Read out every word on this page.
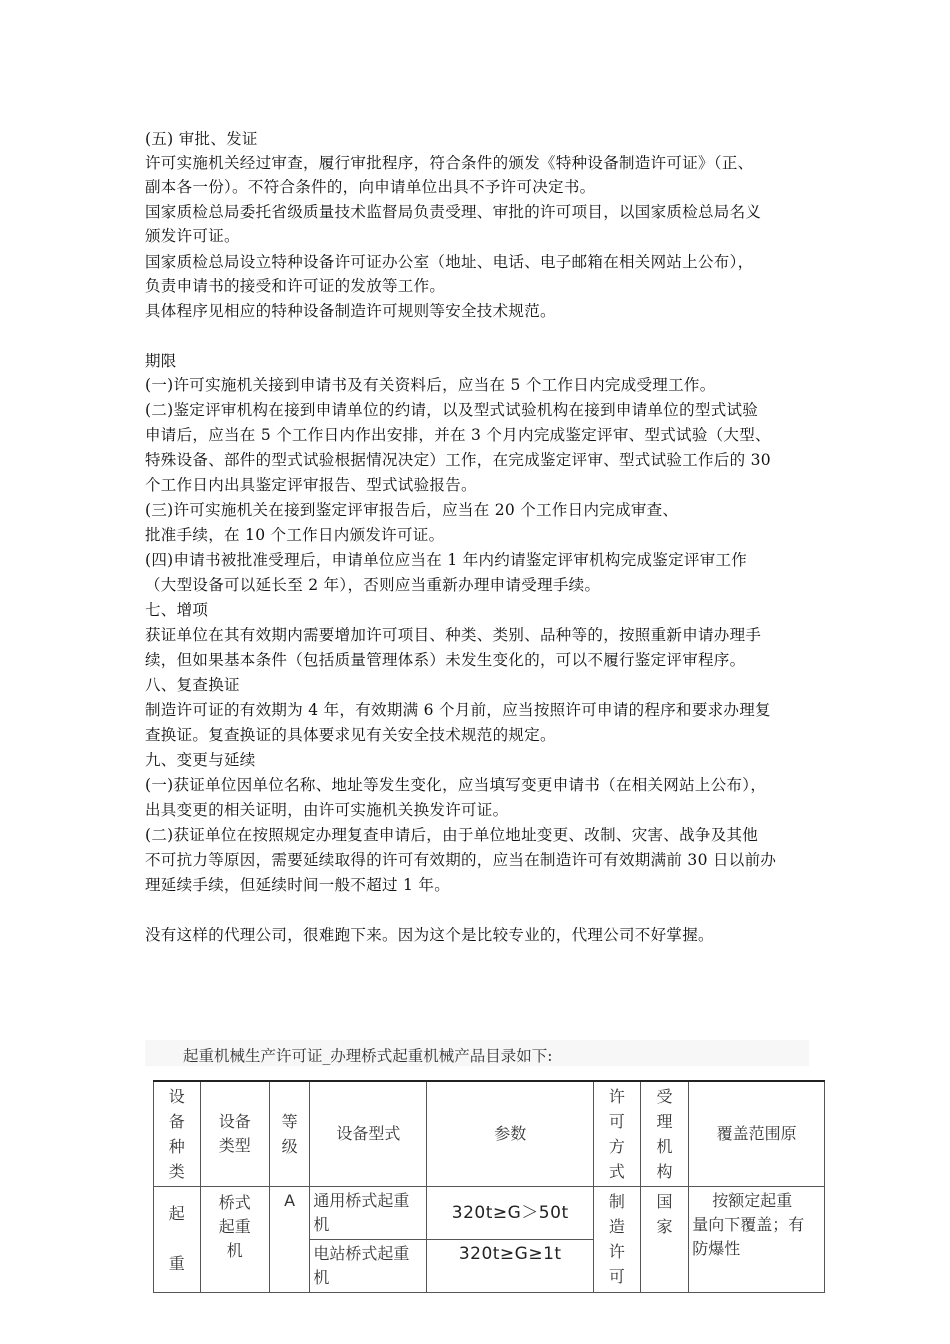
(五) 审批、发证
许可实施机关经过审查，履行审批程序，符合条件的颁发《特种设备制造许可证》（正、
副本各一份）。不符合条件的，向申请单位出具不予许可决定书。
国家质检总局委托省级质量技术监督局负责受理、审批的许可项目，以国家质检总局名义
颁发许可证。
国家质检总局设立特种设备许可证办公室（地址、电话、电子邮箱在相关网站上公布），
负责申请书的接受和许可证的发放等工作。
具体程序见相应的特种设备制造许可规则等安全技术规范。
期限
(一)许可实施机关接到申请书及有关资料后，应当在 5 个工作日内完成受理工作。
(二)鉴定评审机构在接到申请单位的约请，以及型式试验机构在接到申请单位的型式试验
申请后，应当在 5 个工作日内作出安排，并在 3 个月内完成鉴定评审、型式试验（大型、
特殊设备、部件的型式试验根据情况决定）工作，在完成鉴定评审、型式试验工作后的 30
个工作日内出具鉴定评审报告、型式试验报告。
(三)许可实施机关在接到鉴定评审报告后，应当在 20 个工作日内完成审查、
批准手续，在 10 个工作日内颁发许可证。
(四)申请书被批准受理后，申请单位应当在 1 年内约请鉴定评审机构完成鉴定评审工作
（大型设备可以延长至 2 年），否则应当重新办理申请受理手续。
七、增项
获证单位在其有效期内需要增加许可项目、种类、类别、品种等的，按照重新申请办理手
续，但如果基本条件（包括质量管理体系）未发生变化的，可以不履行鉴定评审程序。
八、复查换证
制造许可证的有效期为 4 年，有效期满 6 个月前，应当按照许可申请的程序和要求办理复
查换证。复查换证的具体要求见有关安全技术规范的规定。
九、变更与延续
(一)获证单位因单位名称、地址等发生变化，应当填写变更申请书（在相关网站上公布），
出具变更的相关证明，由许可实施机关换发许可证。
(二)获证单位在按照规定办理复查申请后，由于单位地址变更、改制、灾害、战争及其他
不可抗力等原因，需要延续取得的许可有效期的，应当在制造许可有效期满前 30 日以前办
理延续手续，但延续时间一般不超过 1 年。
没有这样的代理公司，很难跑下来。因为这个是比较专业的，代理公司不好掌握。
起重机械生产许可证_办理桥式起重机械产品目录如下:
设备种类	设备类型	等级	设备型式	参数	许可方式	受理机构	覆盖范围原
起重	桥式起重机	A	通用桥式起重机	320t≥G＞50t	制造许可	国家	按额定起重量向下覆盖；有防爆性
			电站桥式起重机	320t≥G≥1t			
